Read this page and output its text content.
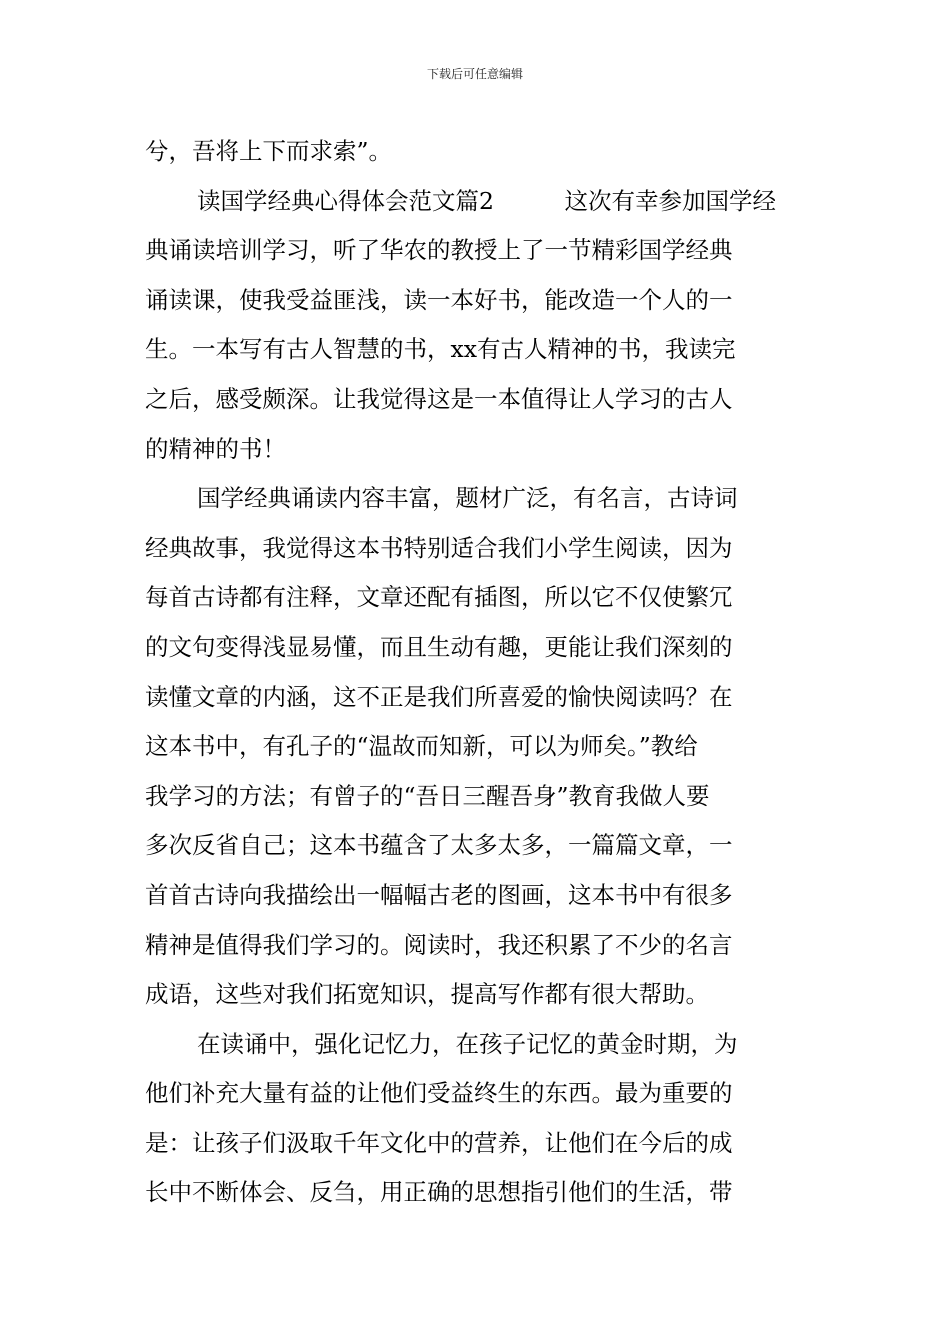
下载后可任意编辑
兮，吾将上下而求索”。
读国学经典心得体会范文篇2　　　这次有幸参加国学经
典诵读培训学习，听了华农的教授上了一节精彩国学经典
诵读课，使我受益匪浅，读一本好书，能改造一个人的一
生。一本写有古人智慧的书，xx有古人精神的书，我读完
之后，感受颇深。让我觉得这是一本值得让人学习的古人
的精神的书！
国学经典诵读内容丰富，题材广泛，有名言，古诗词
经典故事，我觉得这本书特别适合我们小学生阅读，因为
每首古诗都有注释，文章还配有插图，所以它不仅使繁冗
的文句变得浅显易懂，而且生动有趣，更能让我们深刻的
读懂文章的内涵，这不正是我们所喜爱的愉快阅读吗？在
这本书中，有孔子的“温故而知新，可以为师矣。”教给
我学习的方法；有曾子的“吾日三醒吾身”教育我做人要
多次反省自己；这本书蕴含了太多太多，一篇篇文章，一
首首古诗向我描绘出一幅幅古老的图画，这本书中有很多
精神是值得我们学习的。阅读时，我还积累了不少的名言
成语，这些对我们拓宽知识，提高写作都有很大帮助。
在读诵中，强化记忆力，在孩子记忆的黄金时期，为
他们补充大量有益的让他们受益终生的东西。最为重要的
是：让孩子们汲取千年文化中的营养，让他们在今后的成
长中不断体会、反刍，用正确的思想指引他们的生活，带
